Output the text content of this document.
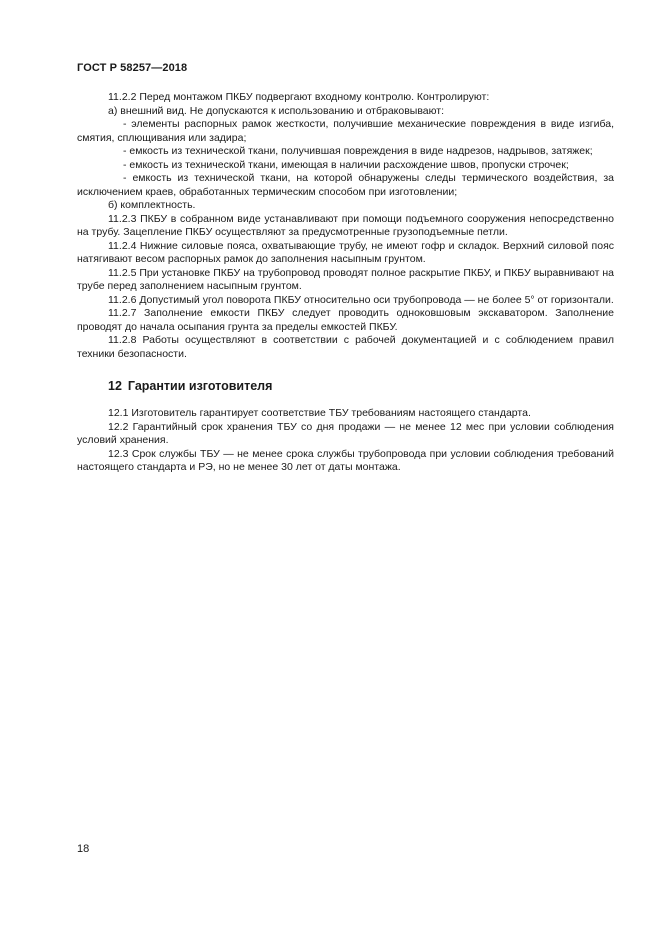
ГОСТ Р 58257—2018

11.2.2 Перед монтажом ПКБУ подвергают входному контролю. Контролируют:

а) внешний вид. Не допускаются к использованию и отбраковывают:

- элементы распорных рамок жесткости, получившие механические повреждения в виде изгиба, смятия, сплющивания или задира;

- емкость из технической ткани, получившая повреждения в виде надрезов, надрывов, затяжек;

- емкость из технической ткани, имеющая в наличии расхождение швов, пропуски строчек;

- емкость из технической ткани, на которой обнаружены следы термического воздействия, за исключением краев, обработанных термическим способом при изготовлении;

б) комплектность.

11.2.3 ПКБУ в собранном виде устанавливают при помощи подъемного сооружения непосредственно на трубу. Зацепление ПКБУ осуществляют за предусмотренные грузоподъемные петли.

11.2.4 Нижние силовые пояса, охватывающие трубу, не имеют гофр и складок. Верхний силовой пояс натягивают весом распорных рамок до заполнения насыпным грунтом.

11.2.5 При установке ПКБУ на трубопровод проводят полное раскрытие ПКБУ, и ПКБУ выравнивают на трубе перед заполнением насыпным грунтом.

11.2.6 Допустимый угол поворота ПКБУ относительно оси трубопровода — не более 5° от горизонтали.

11.2.7 Заполнение емкости ПКБУ следует проводить одноковшовым экскаватором. Заполнение проводят до начала осыпания грунта за пределы емкостей ПКБУ.

11.2.8 Работы осуществляют в соответствии с рабочей документацией и с соблюдением правил техники безопасности.

12 Гарантии изготовителя

12.1 Изготовитель гарантирует соответствие ТБУ требованиям настоящего стандарта.

12.2 Гарантийный срок хранения ТБУ со дня продажи — не менее 12 мес при условии соблюдения условий хранения.

12.3 Срок службы ТБУ — не менее срока службы трубопровода при условии соблюдения требований настоящего стандарта и РЭ, но не менее 30 лет от даты монтажа.

18
